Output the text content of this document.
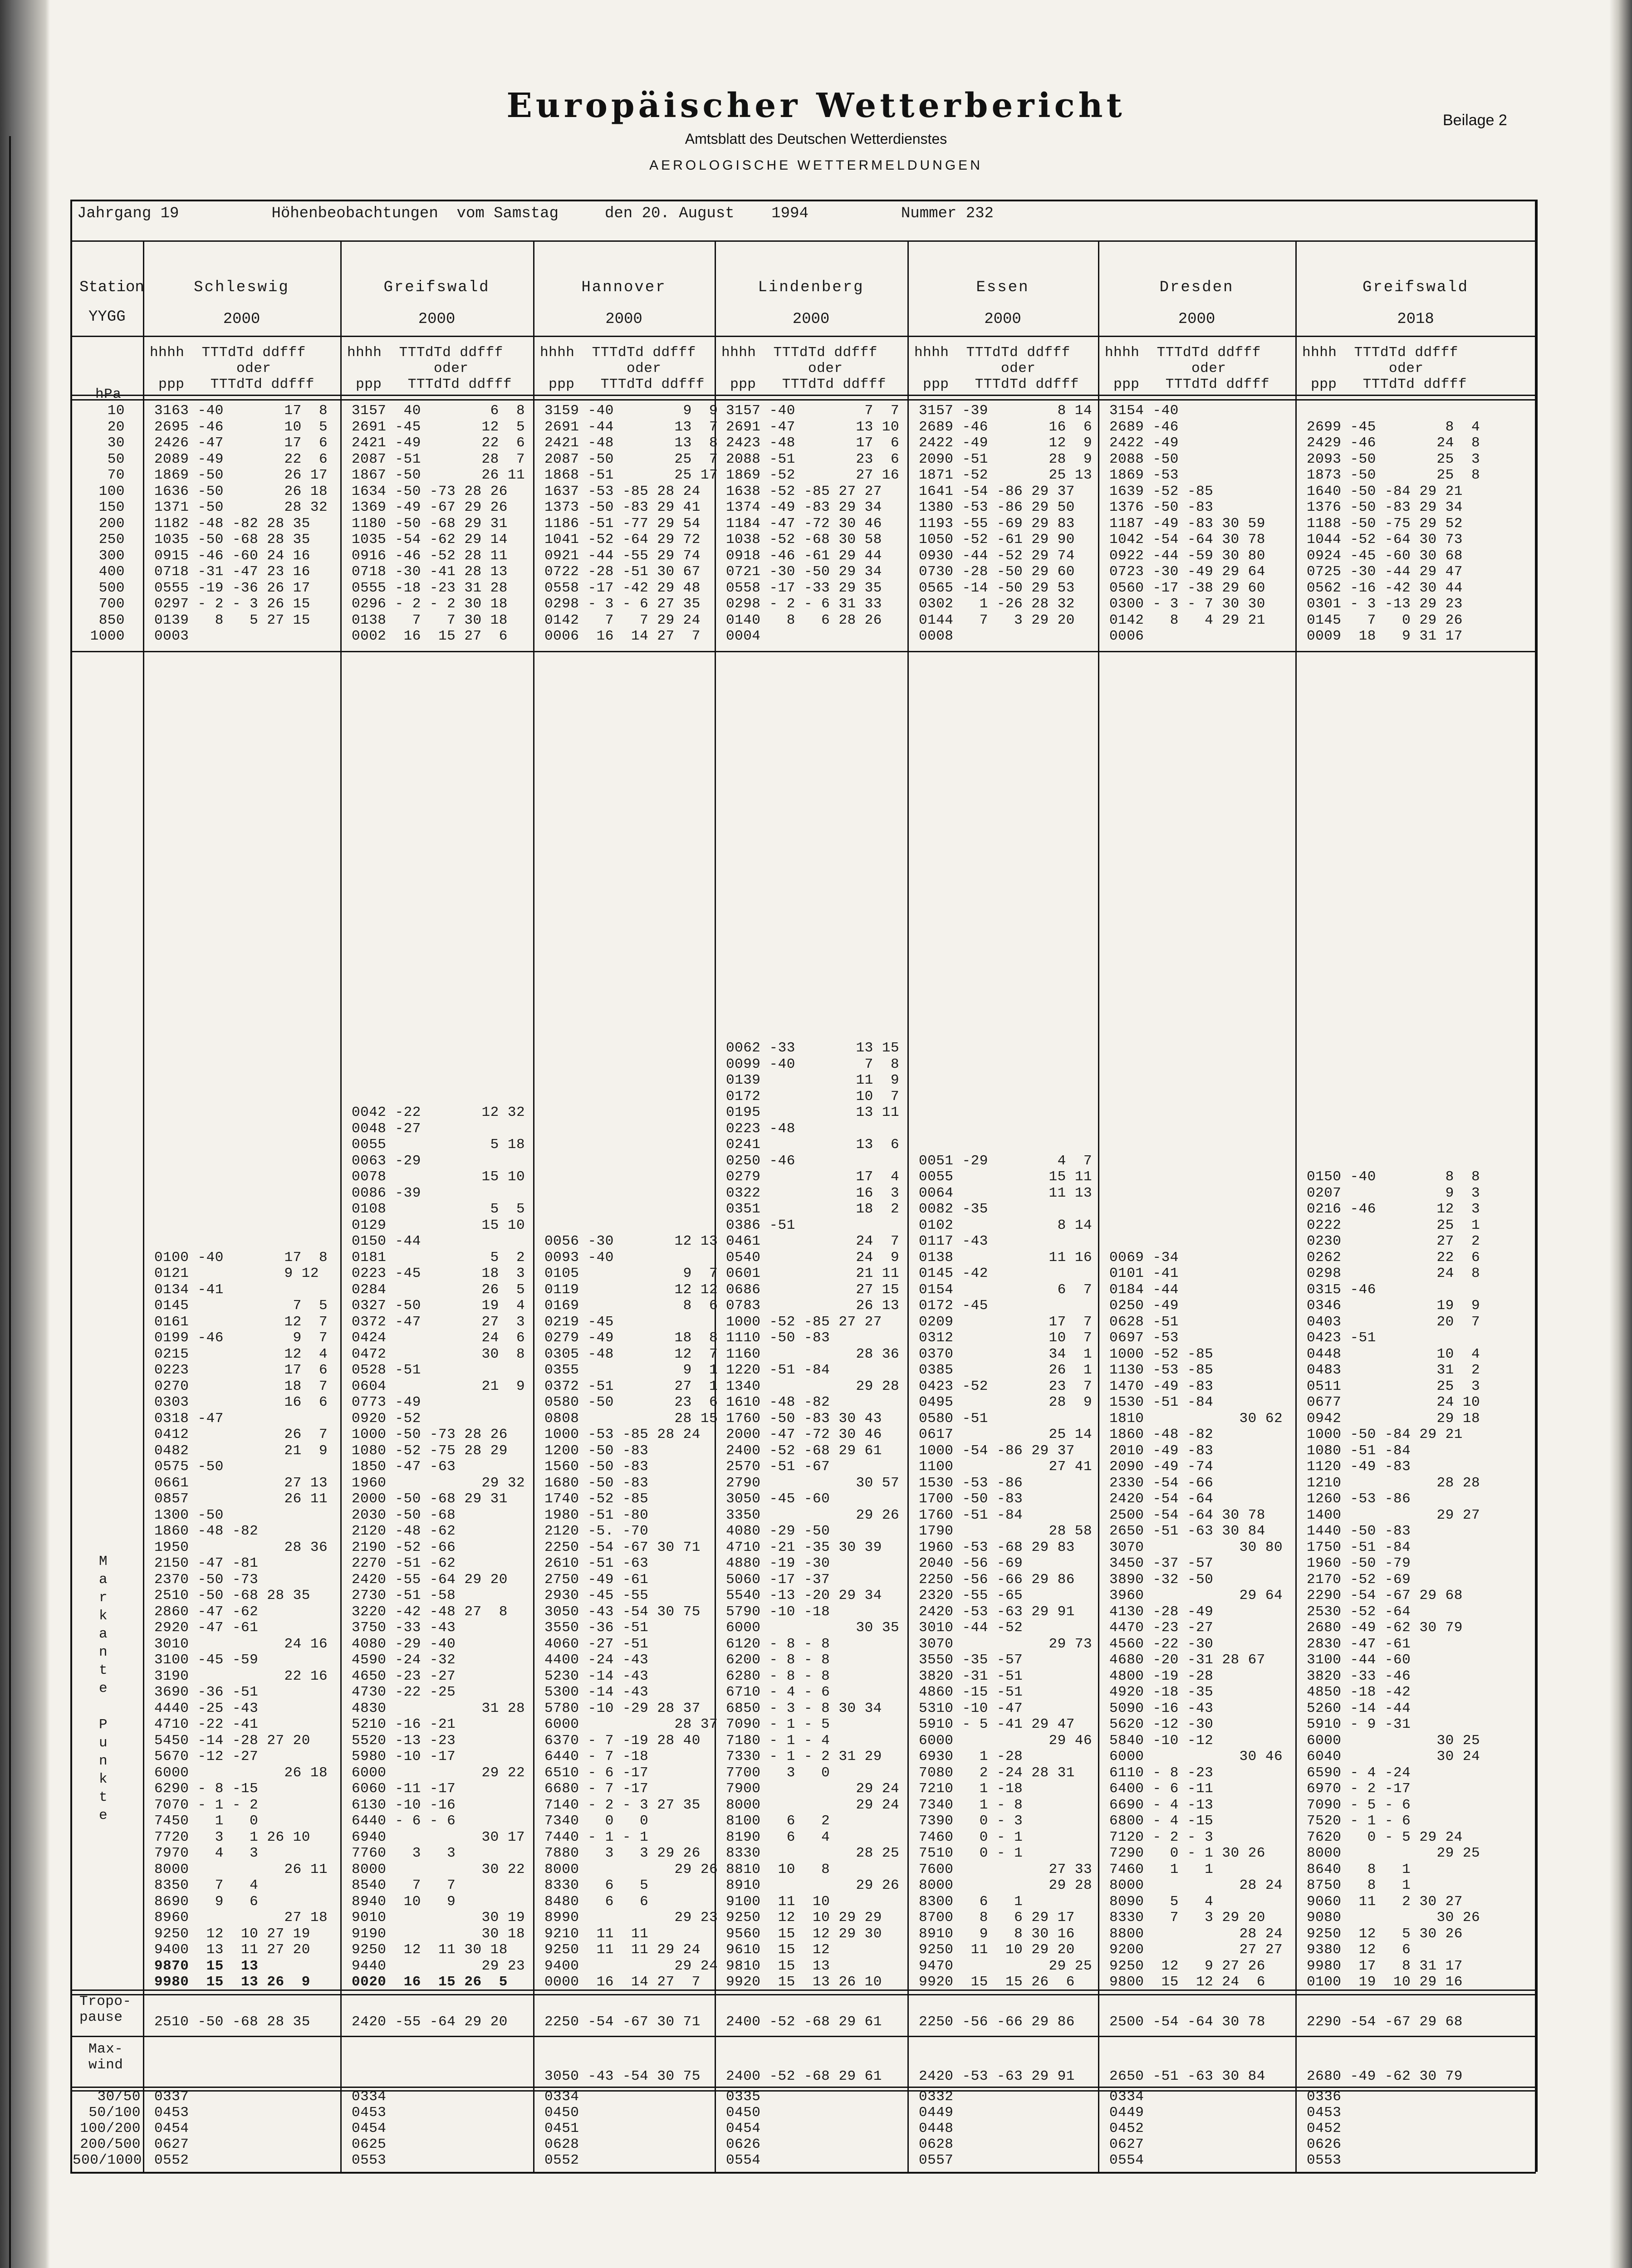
Europäischer Wetterbericht
Amtsblatt des Deutschen Wetterdienstes
AEROLOGISCHE WETTERMELDUNGEN
Beilage 2
Jahrgang 19          Höhenbeobachtungen  vom Samstag     den 20. August    1994          Nummer 232
Station
YYGG
hPa
10
20
30
50
70
100
150
200
250
300
400
500
700
850
1000
M
a
r
k
a
n
t
e
P
u
n
k
t
e
Tropo-
pause
Max-
wind
30/50
50/100
100/200
200/500
500/1000
Schleswig
2000
hhhh  TTTdTd ddfff
oder
ppp   TTTdTd ddfff
3163 -40       17  8
2695 -46       10  5
2426 -47       17  6
2089 -49       22  6
1869 -50       26 17
1636 -50       26 18
1371 -50       28 32
1182 -48 -82 28 35
1035 -50 -68 28 35
0915 -46 -60 24 16
0718 -31 -47 23 16
0555 -19 -36 26 17
0297 - 2 - 3 26 15
0139   8   5 27 15
0003
0100 -40       17  8
0121           9 12
0134 -41
0145            7  5
0161           12  7
0199 -46        9  7
0215           12  4
0223           17  6
0270           18  7
0303           16  6
0318 -47
0412           26  7
0482           21  9
0575 -50
0661           27 13
0857           26 11
1300 -50
1860 -48 -82
1950           28 36
2150 -47 -81
2370 -50 -73
2510 -50 -68 28 35
2860 -47 -62
2920 -47 -61
3010           24 16
3100 -45 -59
3190           22 16
3690 -36 -51
4440 -25 -43
4710 -22 -41
5450 -14 -28 27 20
5670 -12 -27
6000           26 18
6290 - 8 -15
7070 - 1 - 2
7450   1   0
7720   3   1 26 10
7970   4   3
8000           26 11
8350   7   4
8690   9   6
8960           27 18
9250  12  10 27 19
9400  13  11 27 20
9870  15  13
9980  15  13 26  9
2510 -50 -68 28 35
0337
0453
0454
0627
0552
Greifswald
2000
hhhh  TTTdTd ddfff
oder
ppp   TTTdTd ddfff
3157  40        6  8
2691 -45       12  5
2421 -49       22  6
2087 -51       28  7
1867 -50       26 11
1634 -50 -73 28 26
1369 -49 -67 29 26
1180 -50 -68 29 31
1035 -54 -62 29 14
0916 -46 -52 28 11
0718 -30 -41 28 13
0555 -18 -23 31 28
0296 - 2 - 2 30 18
0138   7   7 30 18
0002  16  15 27  6
0042 -22       12 32
0048 -27
0055            5 18
0063 -29
0078           15 10
0086 -39
0108            5  5
0129           15 10
0150 -44
0181            5  2
0223 -45       18  3
0284           26  5
0327 -50       19  4
0372 -47       27  3
0424           24  6
0472           30  8
0528 -51
0604           21  9
0773 -49
0920 -52
1000 -50 -73 28 26
1080 -52 -75 28 29
1850 -47 -63
1960           29 32
2000 -50 -68 29 31
2030 -50 -68
2120 -48 -62
2190 -52 -66
2270 -51 -62
2420 -55 -64 29 20
2730 -51 -58
3220 -42 -48 27  8
3750 -33 -43
4080 -29 -40
4590 -24 -32
4650 -23 -27
4730 -22 -25
4830           31 28
5210 -16 -21
5520 -13 -23
5980 -10 -17
6000           29 22
6060 -11 -17
6130 -10 -16
6440 - 6 - 6
6940           30 17
7760   3   3
8000           30 22
8540   7   7
8940  10   9
9010           30 19
9190           30 18
9250  12  11 30 18
9440           29 23
0020  16  15 26  5
2420 -55 -64 29 20
0334
0453
0454
0625
0553
Hannover
2000
hhhh  TTTdTd ddfff
oder
ppp   TTTdTd ddfff
3159 -40        9  9
2691 -44       13  7
2421 -48       13  8
2087 -50       25  7
1868 -51       25 17
1637 -53 -85 28 24
1373 -50 -83 29 41
1186 -51 -77 29 54
1041 -52 -64 29 72
0921 -44 -55 29 74
0722 -28 -51 30 67
0558 -17 -42 29 48
0298 - 3 - 6 27 35
0142   7   7 29 24
0006  16  14 27  7
0056 -30       12 13
0093 -40
0105            9  7
0119           12 12
0169            8  6
0219 -45
0279 -49       18  8
0305 -48       12  7
0355            9  1
0372 -51       27  1
0580 -50       23  6
0808           28 15
1000 -53 -85 28 24
1200 -50 -83
1560 -50 -83
1680 -50 -83
1740 -52 -85
1980 -51 -80
2120 -5. -70
2250 -54 -67 30 71
2610 -51 -63
2750 -49 -61
2930 -45 -55
3050 -43 -54 30 75
3550 -36 -51
4060 -27 -51
4400 -24 -43
5230 -14 -43
5300 -14 -43
5780 -10 -29 28 37
6000           28 37
6370 - 7 -19 28 40
6440 - 7 -18
6510 - 6 -17
6680 - 7 -17
7140 - 2 - 3 27 35
7340   0   0
7440 - 1 - 1
7880   3   3 29 26
8000           29 26
8330   6   5
8480   6   6
8990           29 23
9210  11  11
9250  11  11 29 24
9400           29 24
0000  16  14 27  7
2250 -54 -67 30 71
3050 -43 -54 30 75
0334
0450
0451
0628
0552
Lindenberg
2000
hhhh  TTTdTd ddfff
oder
ppp   TTTdTd ddfff
3157 -40        7  7
2691 -47       13 10
2423 -48       17  6
2088 -51       23  6
1869 -52       27 16
1638 -52 -85 27 27
1374 -49 -83 29 34
1184 -47 -72 30 46
1038 -52 -68 30 58
0918 -46 -61 29 44
0721 -30 -50 29 34
0558 -17 -33 29 35
0298 - 2 - 6 31 33
0140   8   6 28 26
0004
0062 -33       13 15
0099 -40        7  8
0139           11  9
0172           10  7
0195           13 11
0223 -48
0241           13  6
0250 -46
0279           17  4
0322           16  3
0351           18  2
0386 -51
0461           24  7
0540           24  9
0601           21 11
0686           27 15
0783           26 13
1000 -52 -85 27 27
1110 -50 -83
1160           28 36
1220 -51 -84
1340           29 28
1610 -48 -82
1760 -50 -83 30 43
2000 -47 -72 30 46
2400 -52 -68 29 61
2570 -51 -67
2790           30 57
3050 -45 -60
3350           29 26
4080 -29 -50
4710 -21 -35 30 39
4880 -19 -30
5060 -17 -37
5540 -13 -20 29 34
5790 -10 -18
6000           30 35
6120 - 8 - 8
6200 - 8 - 8
6280 - 8 - 8
6710 - 4 - 6
6850 - 3 - 8 30 34
7090 - 1 - 5
7180 - 1 - 4
7330 - 1 - 2 31 29
7700   3   0
7900           29 24
8000           29 24
8100   6   2
8190   6   4
8330           28 25
8810  10   8
8910           29 26
9100  11  10
9250  12  10 29 29
9560  15  12 29 30
9610  15  12
9810  15  13
9920  15  13 26 10
2400 -52 -68 29 61
2400 -52 -68 29 61
0335
0450
0454
0626
0554
Essen
2000
hhhh  TTTdTd ddfff
oder
ppp   TTTdTd ddfff
3157 -39        8 14
2689 -46       16  6
2422 -49       12  9
2090 -51       28  9
1871 -52       25 13
1641 -54 -86 29 37
1380 -53 -86 29 50
1193 -55 -69 29 83
1050 -52 -61 29 90
0930 -44 -52 29 74
0730 -28 -50 29 60
0565 -14 -50 29 53
0302   1 -26 28 32
0144   7   3 29 20
0008
0051 -29        4  7
0055           15 11
0064           11 13
0082 -35
0102            8 14
0117 -43
0138           11 16
0145 -42
0154            6  7
0172 -45
0209           17  7
0312           10  7
0370           34  1
0385           26  1
0423 -52       23  7
0495           28  9
0580 -51
0617           25 14
1000 -54 -86 29 37
1100           27 41
1530 -53 -86
1700 -50 -83
1760 -51 -84
1790           28 58
1960 -53 -68 29 83
2040 -56 -69
2250 -56 -66 29 86
2320 -55 -65
2420 -53 -63 29 91
3010 -44 -52
3070           29 73
3550 -35 -57
3820 -31 -51
4860 -15 -51
5310 -10 -47
5910 - 5 -41 29 47
6000           29 46
6930   1 -28
7080   2 -24 28 31
7210   1 -18
7340   1 - 8
7390   0 - 3
7460   0 - 1
7510   0 - 1
7600           27 33
8000           29 28
8300   6   1
8700   8   6 29 17
8910   9   8 30 16
9250  11  10 29 20
9470           29 25
9920  15  15 26  6
2250 -56 -66 29 86
2420 -53 -63 29 91
0332
0449
0448
0628
0557
Dresden
2000
hhhh  TTTdTd ddfff
oder
ppp   TTTdTd ddfff
3154 -40
2689 -46
2422 -49
2088 -50
1869 -53
1639 -52 -85
1376 -50 -83
1187 -49 -83 30 59
1042 -54 -64 30 78
0922 -44 -59 30 80
0723 -30 -49 29 64
0560 -17 -38 29 60
0300 - 3 - 7 30 30
0142   8   4 29 21
0006
0069 -34
0101 -41
0184 -44
0250 -49
0628 -51
0697 -53
1000 -52 -85
1130 -53 -85
1470 -49 -83
1530 -51 -84
1810           30 62
1860 -48 -82
2010 -49 -83
2090 -49 -74
2330 -54 -66
2420 -54 -64
2500 -54 -64 30 78
2650 -51 -63 30 84
3070           30 80
3450 -37 -57
3890 -32 -50
3960           29 64
4130 -28 -49
4470 -23 -27
4560 -22 -30
4680 -20 -31 28 67
4800 -19 -28
4920 -18 -35
5090 -16 -43
5620 -12 -30
5840 -10 -12
6000           30 46
6110 - 8 -23
6400 - 6 -11
6690 - 4 -13
6800 - 4 -15
7120 - 2 - 3
7290   0 - 1 30 26
7460   1   1
8000           28 24
8090   5   4
8330   7   3 29 20
8800           28 24
9200           27 27
9250  12   9 27 26
9800  15  12 24  6
2500 -54 -64 30 78
2650 -51 -63 30 84
0334
0449
0452
0627
0554
Greifswald
2018
hhhh  TTTdTd ddfff
oder
ppp   TTTdTd ddfff
2699 -45        8  4
2429 -46       24  8
2093 -50       25  3
1873 -50       25  8
1640 -50 -84 29 21
1376 -50 -83 29 34
1188 -50 -75 29 52
1044 -52 -64 30 73
0924 -45 -60 30 68
0725 -30 -44 29 47
0562 -16 -42 30 44
0301 - 3 -13 29 23
0145   7   0 29 26
0009  18   9 31 17
0150 -40        8  8
0207            9  3
0216 -46       12  3
0222           25  1
0230           27  2
0262           22  6
0298           24  8
0315 -46
0346           19  9
0403           20  7
0423 -51
0448           10  4
0483           31  2
0511           25  3
0677           24 10
0942           29 18
1000 -50 -84 29 21
1080 -51 -84
1120 -49 -83
1210           28 28
1260 -53 -86
1400           29 27
1440 -50 -83
1750 -51 -84
1960 -50 -79
2170 -52 -69
2290 -54 -67 29 68
2530 -52 -64
2680 -49 -62 30 79
2830 -47 -61
3100 -44 -60
3820 -33 -46
4850 -18 -42
5260 -14 -44
5910 - 9 -31
6000           30 25
6040           30 24
6590 - 4 -24
6970 - 2 -17
7090 - 5 - 6
7520 - 1 - 6
7620   0 - 5 29 24
8000           29 25
8640   8   1
8750   8   1
9060  11   2 30 27
9080           30 26
9250  12   5 30 26
9380  12   6
9980  17   8 31 17
0100  19  10 29 16
2290 -54 -67 29 68
2680 -49 -62 30 79
0336
0453
0452
0626
0553
